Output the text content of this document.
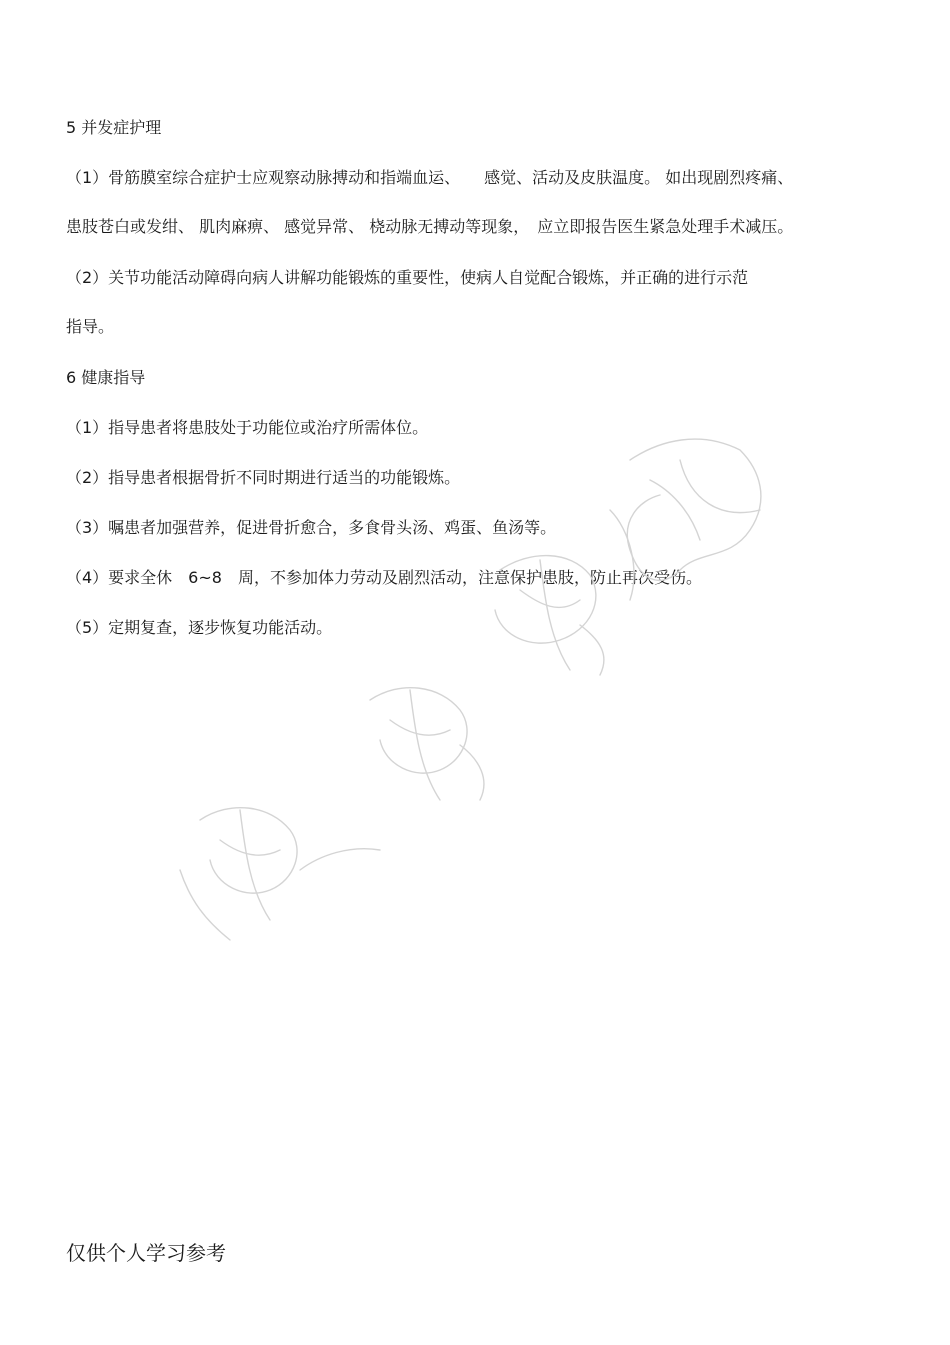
5 并发症护理
（1）骨筋膜室综合症护士应观察动脉搏动和指端血运、　　感觉、活动及皮肤温度。 如出现剧烈疼痛、
患肢苍白或发绀、 肌肉麻痹、 感觉异常、 桡动脉无搏动等现象，　应立即报告医生紧急处理手术减压。
（2）关节功能活动障碍向病人讲解功能锻炼的重要性，使病人自觉配合锻炼，并正确的进行示范
指导。
6 健康指导
（1）指导患者将患肢处于功能位或治疗所需体位。
（2）指导患者根据骨折不同时期进行适当的功能锻炼。
（3）嘱患者加强营养，促进骨折愈合，多食骨头汤、鸡蛋、鱼汤等。
（4）要求全休　6~8　周，不参加体力劳动及剧烈活动，注意保护患肢，防止再次受伤。
（5）定期复查，逐步恢复功能活动。
仅供个人学习参考
